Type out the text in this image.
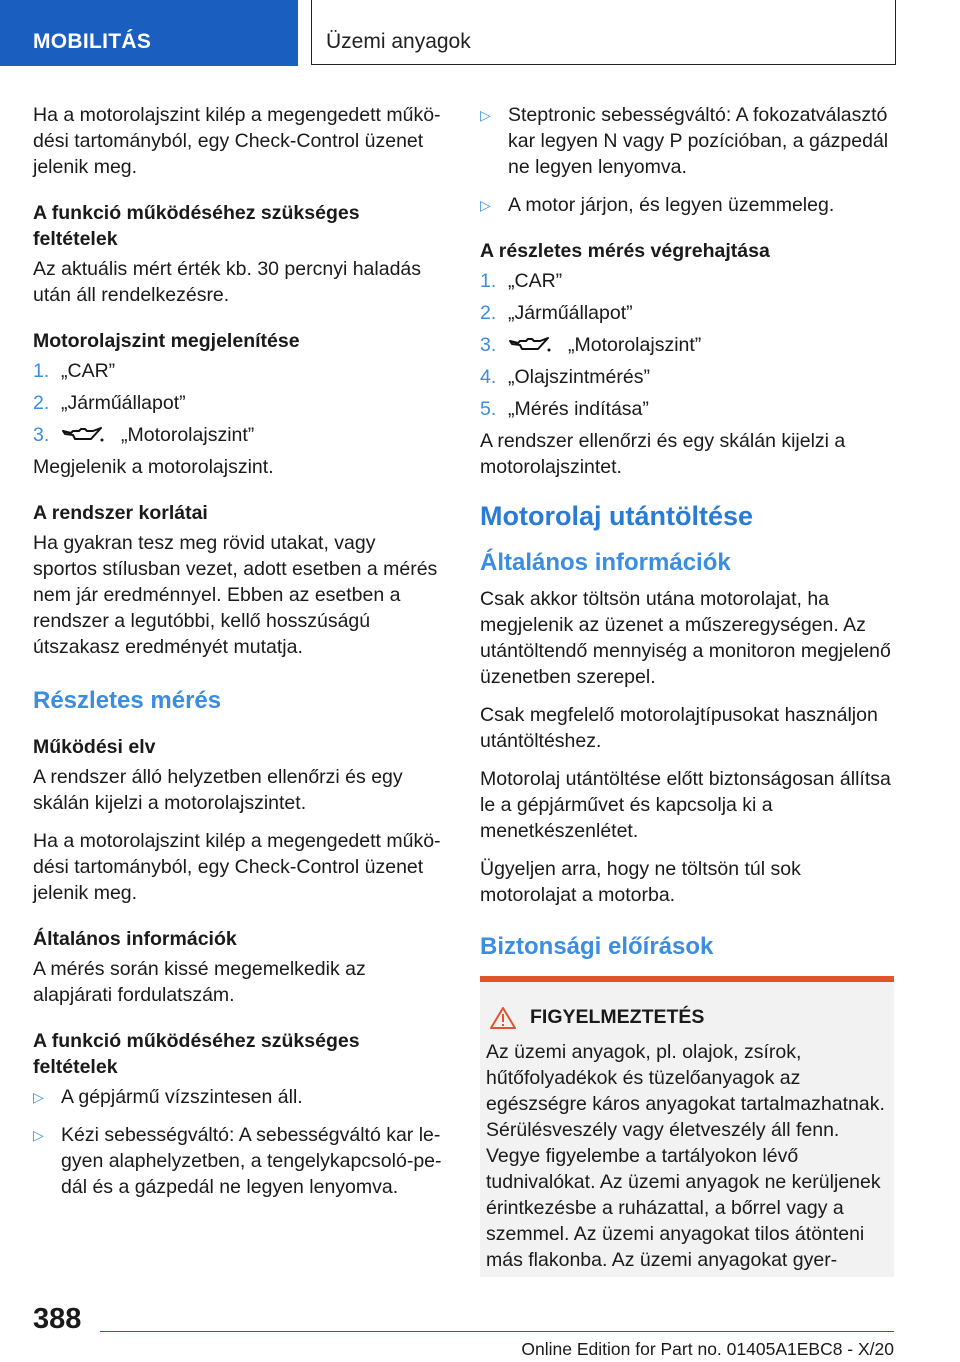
MOBILITÁS	Üzemi anyagok

Ha a motorolajszint kilép a megengedett működési tartományból, egy Check-Control üzenet jelenik meg.

A funkció működéséhez szükséges feltételek

Az aktuális mért érték kb. 30 percnyi haladás után áll rendelkezésre.

Motorolajszint megjelenítése
1. „CAR”
2. „Járműállapot”
3.	„Motorolajszint”

Megjelenik a motorolajszint.

A rendszer korlátai

Ha gyakran tesz meg rövid utakat, vagy sportos stílusban vezet, adott esetben a mérés nem jár eredménnyel. Ebben az esetben a rendszer a legutóbbi, kellő hosszúságú útszakasz eredményét mutatja.

Részletes mérés
Működési elv

A rendszer álló helyzetben ellenőrzi és egy skálán kijelzi a motorolajszintet.

Ha a motorolajszint kilép a megengedett működési tartományból, egy Check-Control üzenet jelenik meg.

Általános információk

A mérés során kissé megemelkedik az alapjárati fordulatszám.

A funkció működéséhez szükséges feltételek
▷ A gépjármű vízszintesen áll.
▷ Kézi sebességváltó: A sebességváltó kar legyen alaphelyzetben, a tengelykapcsoló-pedál és a gázpedál ne legyen lenyomva.
▷ Steptronic sebességváltó: A fokozatválasztó kar legyen N vagy P pozícióban, a gázpedál ne legyen lenyomva.
▷ A motor járjon, és legyen üzemmeleg.
A részletes mérés végrehajtása
1. „CAR”
2. „Járműállapot”
3.	„Motorolajszint”
4. „Olajszintmérés”
5. „Mérés indítása”

A rendszer ellenőrzi és egy skálán kijelzi a motorolajszintet.

Motorolaj utántöltése
Általános információk

Csak akkor töltsön utána motorolajat, ha megjelenik az üzenet a műszeregységen. Az utántöltendő mennyiség a monitoron megjelenő üzenetben szerepel.

Csak megfelelő motorolajtípusokat használjon utántöltéshez.

Motorolaj utántöltése előtt biztonságosan állítsa le a gépjárművet és kapcsolja ki a menetkészenlétet.

Ügyeljen arra, hogy ne töltsön túl sok motorolajat a motorba.

Biztonsági előírások
FIGYELMEZTETÉS

Az üzemi anyagok, pl. olajok, zsírok, hűtőfolyadékok és tüzelőanyagok az egészségre káros anyagokat tartalmazhatnak. Sérülésveszély vagy életveszély áll fenn. Vegye figyelembe a tartályokon lévő tudnivalókat. Az üzemi anyagok ne kerüljenek érintkezésbe a ruházattal, a bőrrel vagy a szemmel. Az üzemi anyagokat tilos átönteni más flakonba. Az üzemi anyagokat gyer-

388
Online Edition for Part no. 01405A1EBC8 - X/20
